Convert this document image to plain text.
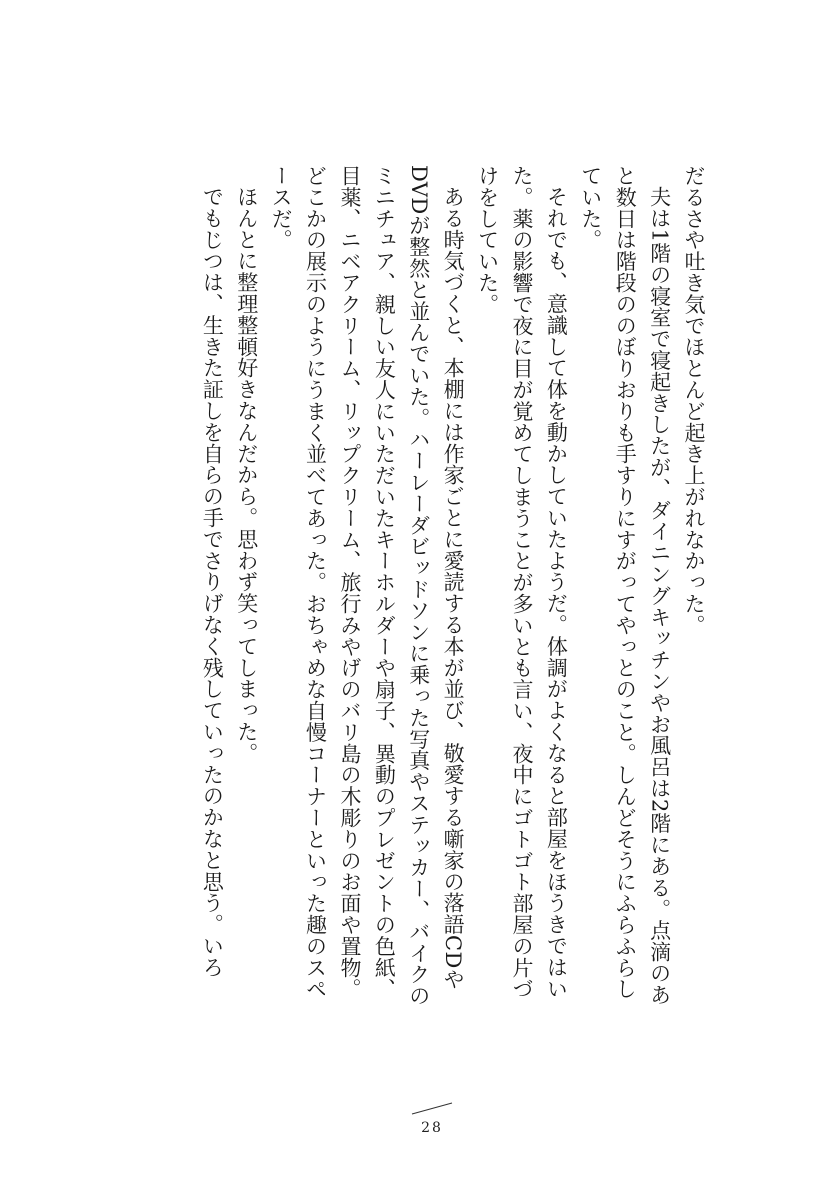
だるさや吐き気でほとんど起き上がれなかった。

夫は1階の寝室で寝起きしたが、ダイニングキッチンやお風呂は2階にある。点滴のあと数日は階段ののぼりおりも手すりにすがってやっとのこと。しんどそうにふらふらしていた。

それでも、意識して体を動かしていたようだ。体調がよくなると部屋をほうきではいた。薬の影響で夜に目が覚めてしまうことが多いとも言い、夜中にゴトゴト部屋の片づけをしていた。

ある時気づくと、本棚には作家ごとに愛読する本が並び、敬愛する噺家の落語CDやDVDが整然と並んでいた。ハーレーダビッドソンに乗った写真やステッカー、バイクのミニチュア、親しい友人にいただいたキーホルダーや扇子、異動のプレゼントの色紙、目薬、ニベアクリーム、リップクリーム、旅行みやげのバリ島の木彫りのお面や置物。どこかの展示のようにうまく並べてあった。おちゃめな自慢コーナーといった趣のスペースだ。

ほんとに整理整頓好きなんだから。思わず笑ってしまった。

でもじつは、生きた証しを自らの手でさりげなく残していったのかなと思う。いろ

28
